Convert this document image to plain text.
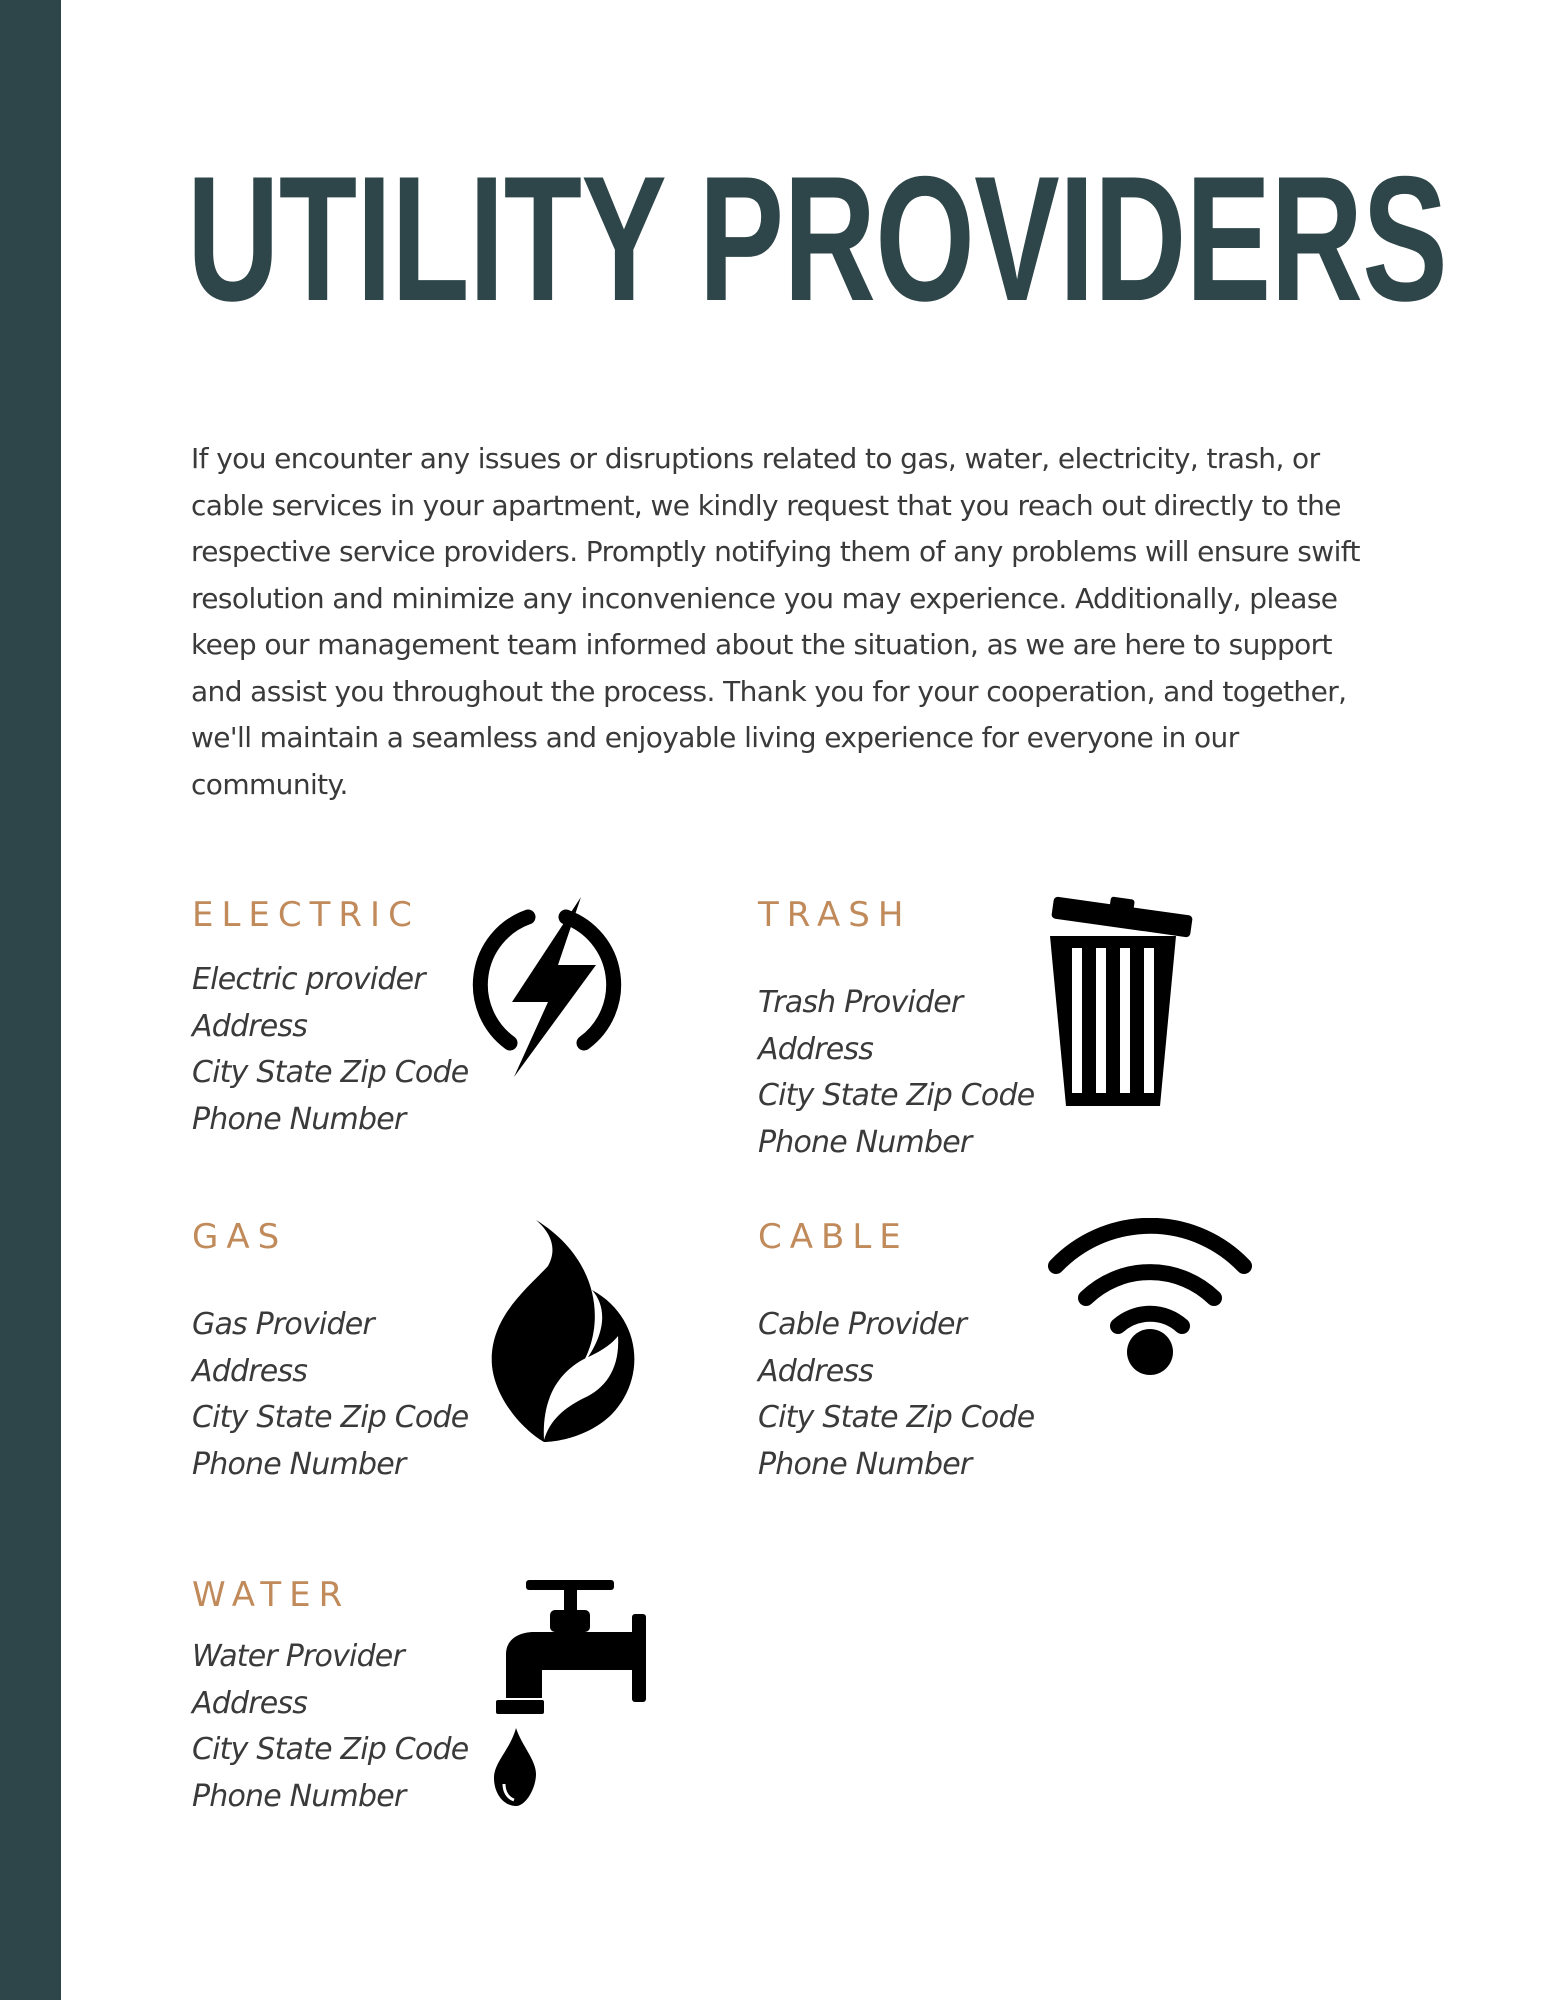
UTILITY PROVIDERS

If you encounter any issues or disruptions related to gas, water, electricity, trash, or cable services in your apartment, we kindly request that you reach out directly to the respective service providers. Promptly notifying them of any problems will ensure swift resolution and minimize any inconvenience you may experience. Additionally, please keep our management team informed about the situation, as we are here to support and assist you throughout the process. Thank you for your cooperation, and together, we'll maintain a seamless and enjoyable living experience for everyone in our community.

ELECTRIC
Electric provider
Address
City State Zip Code
Phone Number
TRASH
Trash Provider
Address
City State Zip Code
Phone Number
GAS
Gas Provider
Address
City State Zip Code
Phone Number
CABLE
Cable Provider
Address
City State Zip Code
Phone Number
WATER
Water Provider
Address
City State Zip Code
Phone Number
